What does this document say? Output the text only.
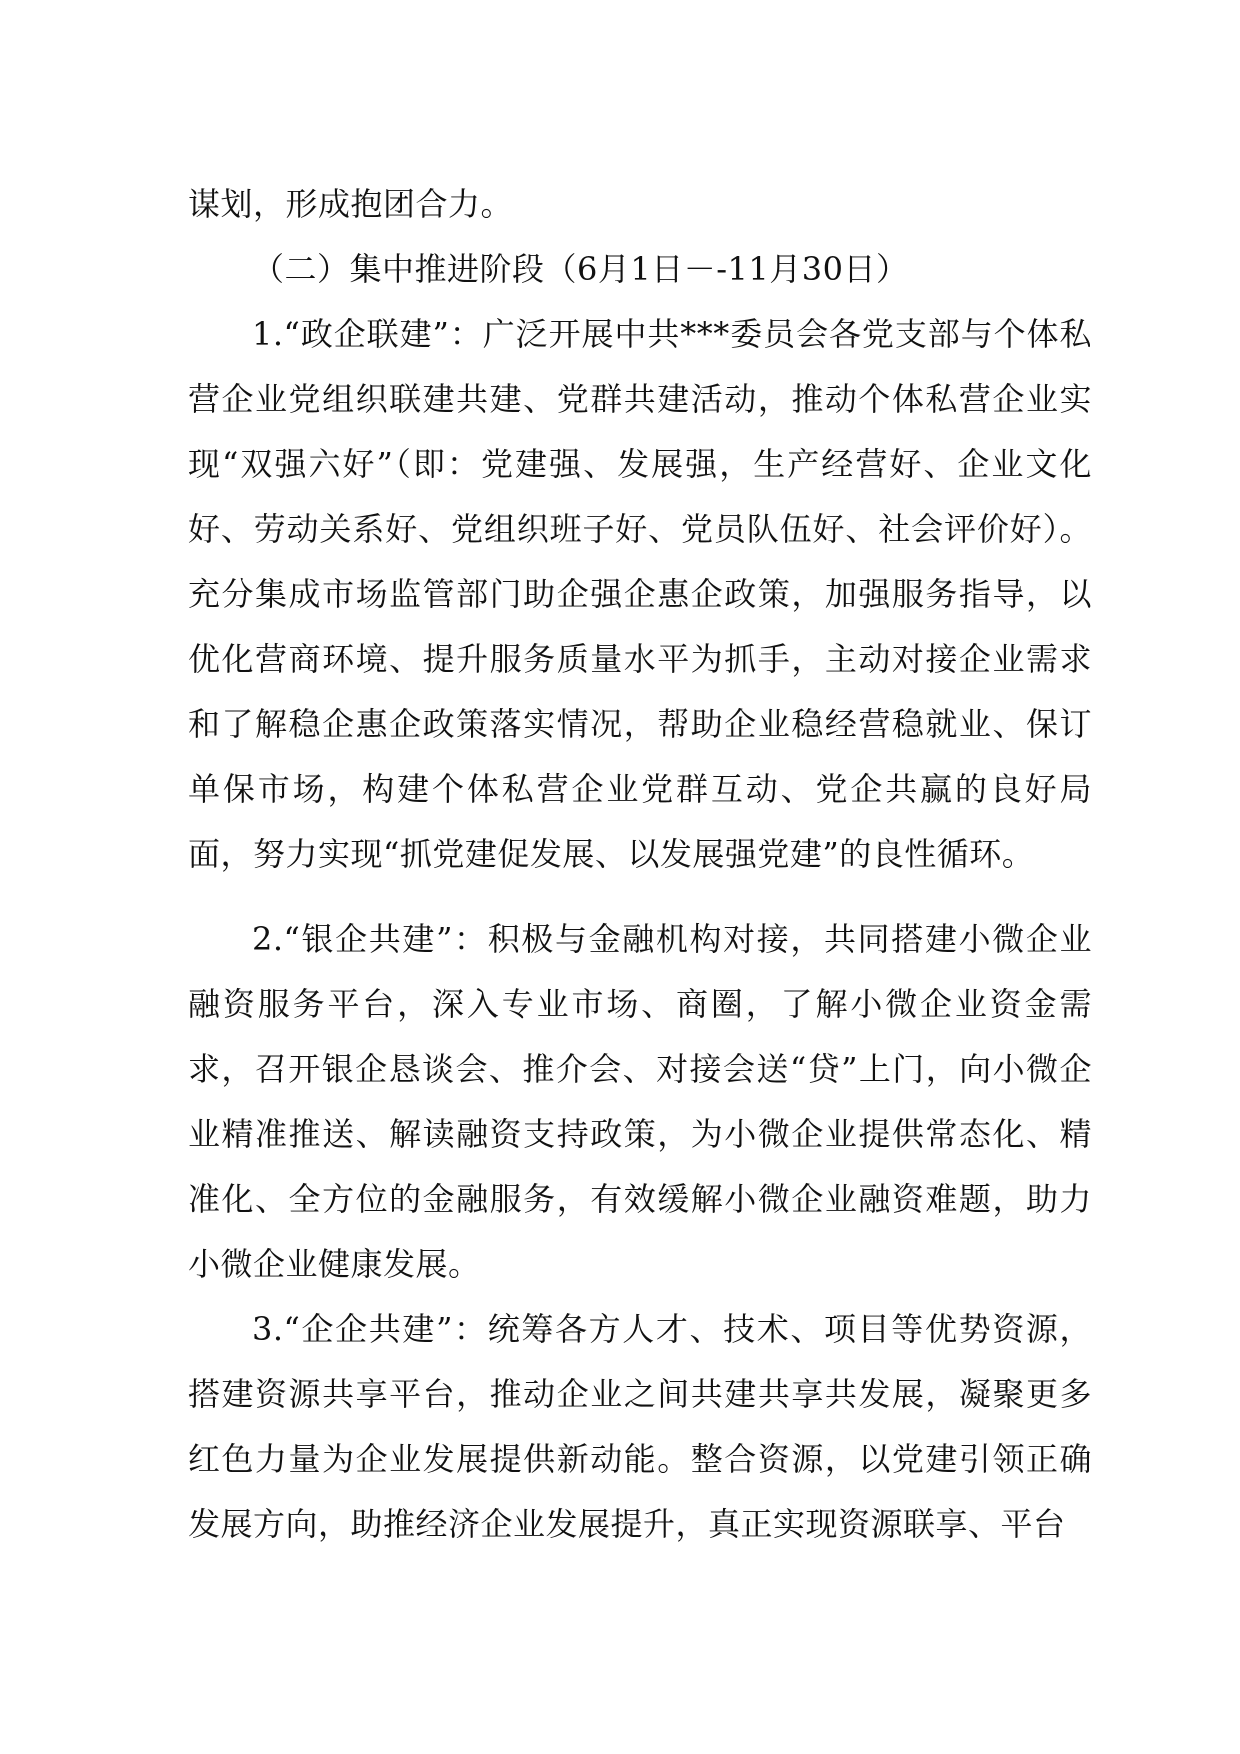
谋划，形成抱团合力。

（二）集中推进阶段（6月1日－-11月30日）

1.“政企联建”：广泛开展中共***委员会各党支部与个体私营企业党组织联建共建、党群共建活动，推动个体私营企业实现“双强六好”（即：党建强、发展强，生产经营好、企业文化好、劳动关系好、党组织班子好、党员队伍好、社会评价好）。充分集成市场监管部门助企强企惠企政策，加强服务指导，以优化营商环境、提升服务质量水平为抓手，主动对接企业需求和了解稳企惠企政策落实情况，帮助企业稳经营稳就业、保订单保市场，构建个体私营企业党群互动、党企共赢的良好局面，努力实现“抓党建促发展、以发展强党建”的良性循环。

2.“银企共建”：积极与金融机构对接，共同搭建小微企业融资服务平台，深入专业市场、商圈，了解小微企业资金需求，召开银企恳谈会、推介会、对接会送“贷”上门，向小微企业精准推送、解读融资支持政策，为小微企业提供常态化、精准化、全方位的金融服务，有效缓解小微企业融资难题，助力小微企业健康发展。

3.“企企共建”：统筹各方人才、技术、项目等优势资源，搭建资源共享平台，推动企业之间共建共享共发展，凝聚更多红色力量为企业发展提供新动能。整合资源，以党建引领正确发展方向，助推经济企业发展提升，真正实现资源联享、平台
